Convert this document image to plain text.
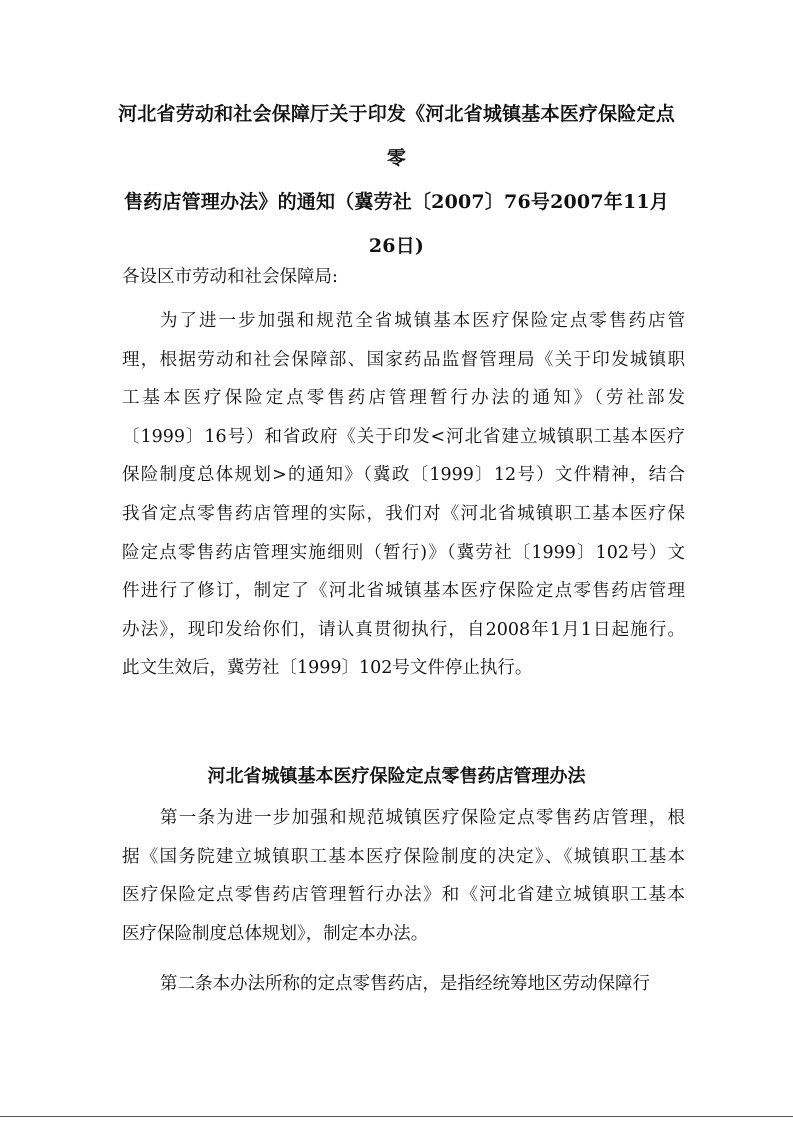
河北省劳动和社会保障厅关于印发《河北省城镇基本医疗保险定点零
售药店管理办法》的通知（冀劳社〔2007〕76号2007年11月
26日)
各设区市劳动和社会保障局:
为了进一步加强和规范全省城镇基本医疗保险定点零售药店管
理，根据劳动和社会保障部、国家药品监督管理局《关于印发城镇职
工基本医疗保险定点零售药店管理暂行办法的通知》（劳社部发
〔1999〕16号）和省政府《关于印发<河北省建立城镇职工基本医疗
保险制度总体规划>的通知》（冀政〔1999〕12号）文件精神，结合
我省定点零售药店管理的实际，我们对《河北省城镇职工基本医疗保
险定点零售药店管理实施细则（暂行)》（冀劳社〔1999〕102号）文
件进行了修订，制定了《河北省城镇基本医疗保险定点零售药店管理
办法》，现印发给你们，请认真贯彻执行，自2008年1月1日起施行。
此文生效后，冀劳社〔1999〕102号文件停止执行。
河北省城镇基本医疗保险定点零售药店管理办法
第一条为进一步加强和规范城镇医疗保险定点零售药店管理，根
据《国务院建立城镇职工基本医疗保险制度的决定》、《城镇职工基本
医疗保险定点零售药店管理暂行办法》和《河北省建立城镇职工基本
医疗保险制度总体规划》，制定本办法。
第二条本办法所称的定点零售药店，是指经统筹地区劳动保障行
